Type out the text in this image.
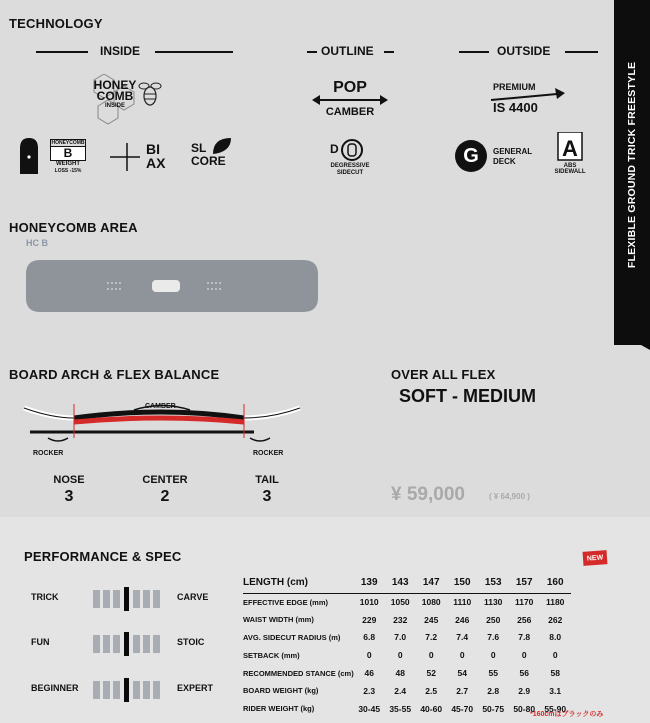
FLEXIBLE GROUND TRICK FREESTYLE
TECHNOLOGY
INSIDE	OUTLINE	OUTSIDE
HONEY
COMB
INSIDE
HONEYCOMB
B
WEIGHT
LOSS -15%
BI
AX
SL
CORE
POP
CAMBER
D
DEGRESSIVE
SIDECUT
PREMIUM
IS 4400
G	GENERAL
DECK
A
ABS
SIDEWALL
HONEYCOMB AREA
HC B
BOARD ARCH & FLEX BALANCE
CAMBER
ROCKER	ROCKER
NOSE
3
CENTER
2
TAIL
3
OVER ALL FLEX
SOFT - MEDIUM
¥ 59,000	( ¥ 64,900 )
PERFORMANCE & SPEC
TRICK	CARVE
FUN	STOIC
BEGINNER	EXPERT
NEW
LENGTH (cm)	139	143	147	150	153	157	160
EFFECTIVE EDGE (mm)	1010	1050	1080	1110	1130	1170	1180
WAIST WIDTH (mm)	229	232	245	246	250	256	262
AVG. SIDECUT RADIUS (m)	6.8	7.0	7.2	7.4	7.6	7.8	8.0
SETBACK (mm)	0	0	0	0	0	0	0
RECOMMENDED STANCE (cm)	46	48	52	54	55	56	58
BOARD WEIGHT (kg)	2.3	2.4	2.5	2.7	2.8	2.9	3.1
RIDER WEIGHT (kg)	30-45	35-55	40-60	45-70	50-75	50-80	55-90
*160cmはブラックのみ
